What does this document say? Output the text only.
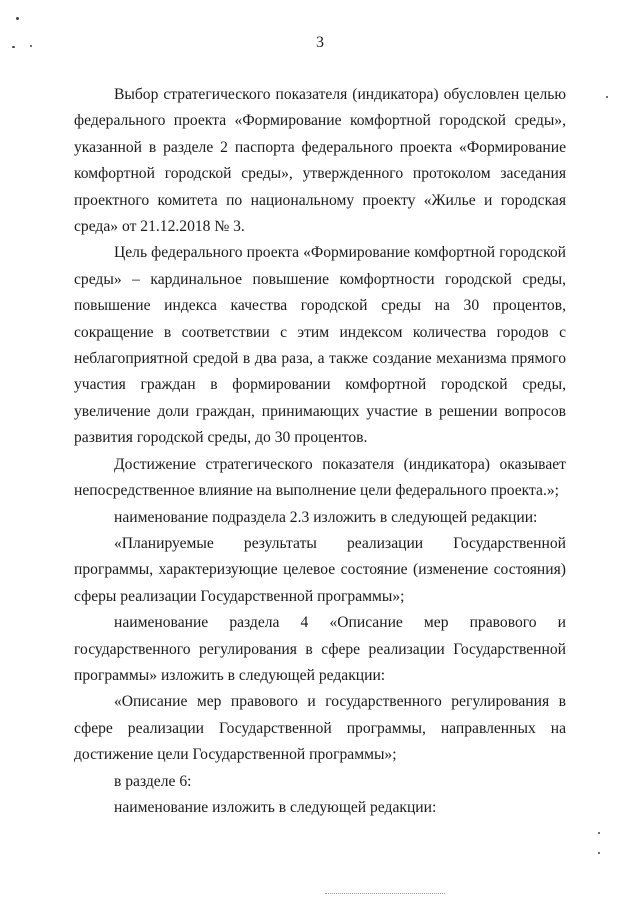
3

Выбор стратегического показателя (индикатора) обусловлен целью федерального проекта «Формирование комфортной городской среды», указанной в разделе 2 паспорта федерального проекта «Формирование комфортной городской среды», утвержденного протоколом заседания проектного комитета по национальному проекту «Жилье и городская среда» от 21.12.2018 № 3.

Цель федерального проекта «Формирование комфортной городской среды» – кардинальное повышение комфортности городской среды, повышение индекса качества городской среды на 30 процентов, сокращение в соответствии с этим индексом количества городов с неблагоприятной средой в два раза, а также создание механизма прямого участия граждан в формировании комфортной городской среды, увеличение доли граждан, принимающих участие в решении вопросов развития городской среды, до 30 процентов.

Достижение стратегического показателя (индикатора) оказывает непосредственное влияние на выполнение цели федерального проекта.»;

наименование подраздела 2.3 изложить в следующей редакции:

«Планируемые результаты реализации Государственной программы, характеризующие целевое состояние (изменение состояния) сферы реализации Государственной программы»;

наименование раздела 4 «Описание мер правового и государственного регулирования в сфере реализации Государственной программы» изложить в следующей редакции:

«Описание мер правового и государственного регулирования в сфере реализации Государственной программы, направленных на достижение цели Государственной программы»;

в разделе 6:

наименование изложить в следующей редакции:
